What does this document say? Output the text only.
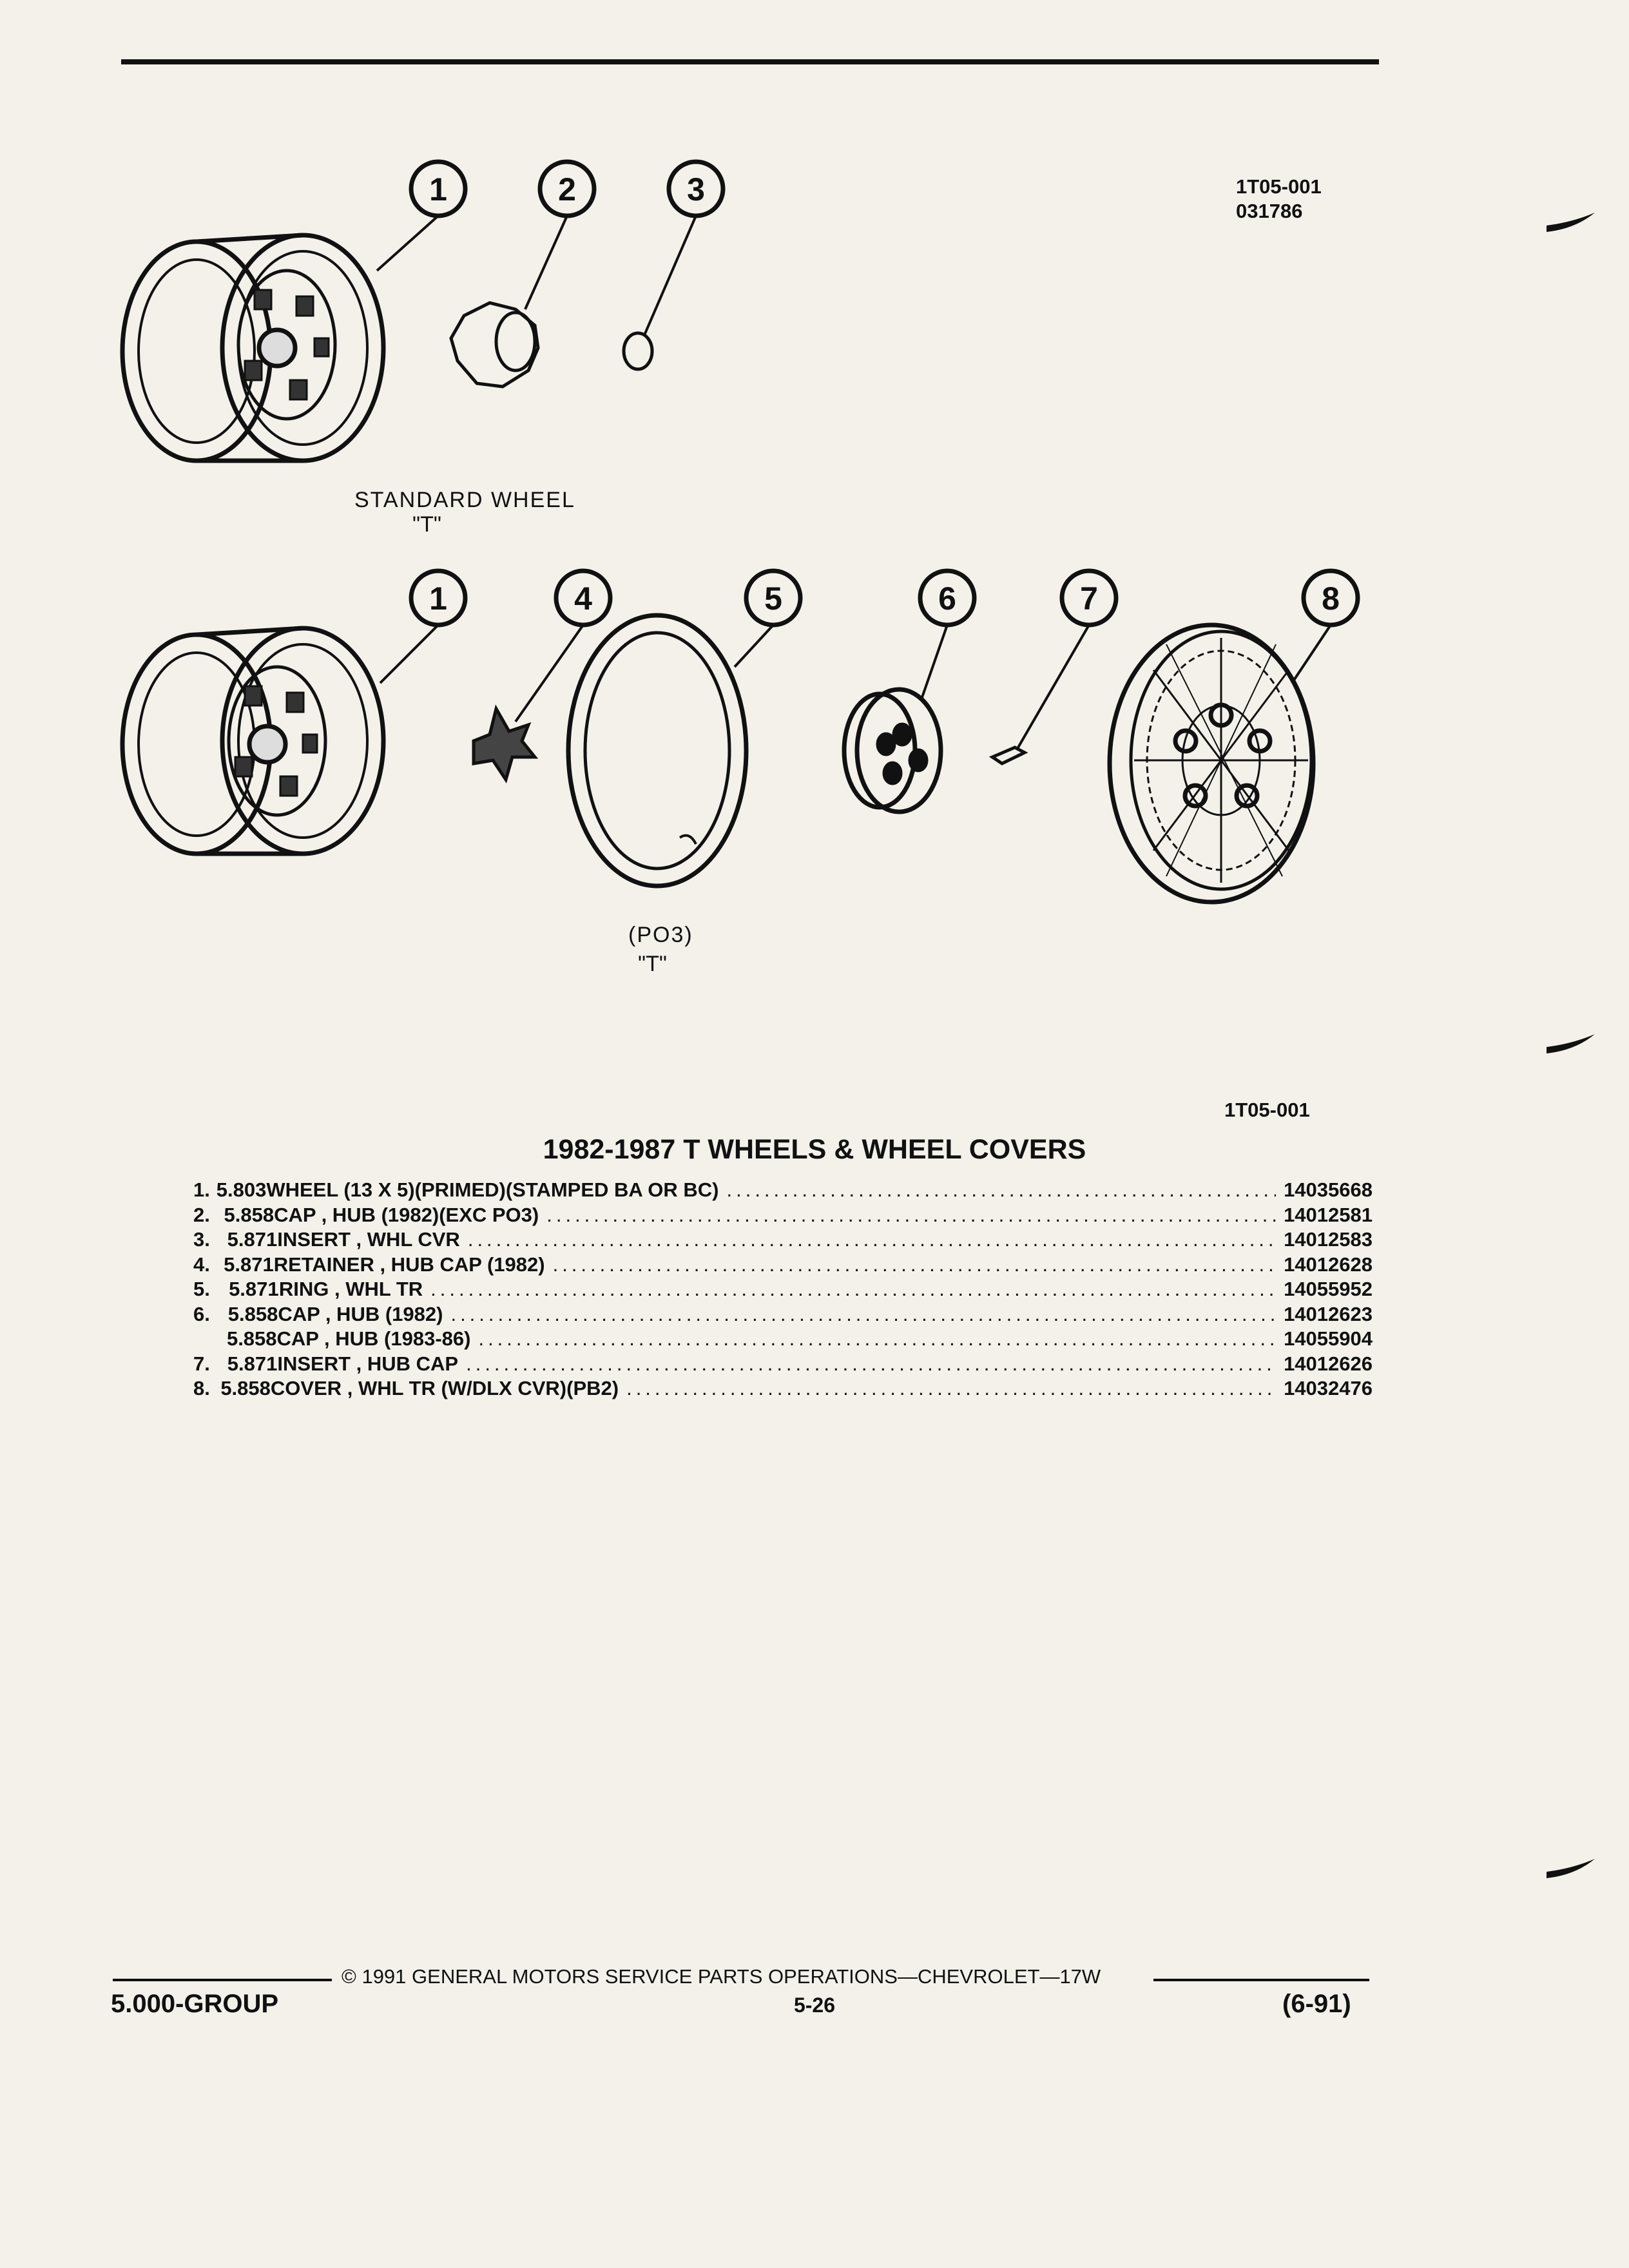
1T05-001
031786
1T05-001
1	2	3
1	4	5	6	7	8
STANDARD WHEEL
"T"
(PO3)
"T"
1982-1987 T WHEELS & WHEEL COVERS
1. 5.803 WHEEL (13 X 5)(PRIMED)(STAMPED BA OR BC) .....	14035668
2. 5.858 CAP , HUB (1982)(EXC PO3) .....	14012581
3. 5.871 INSERT , WHL CVR .....	14012583
4. 5.871 RETAINER , HUB CAP (1982) .....	14012628
5. 5.871 RING , WHL TR .....	14055952
6. 5.858 CAP , HUB (1982) .....	14012623
5.858 CAP , HUB (1983-86) .....	14055904
7. 5.871 INSERT , HUB CAP .....	14012626
8. 5.858 COVER , WHL TR (W/DLX CVR)(PB2) .....	14032476
© 1991 GENERAL MOTORS SERVICE PARTS OPERATIONS—CHEVROLET—17W
5.000-GROUP	5-26	(6-91)
